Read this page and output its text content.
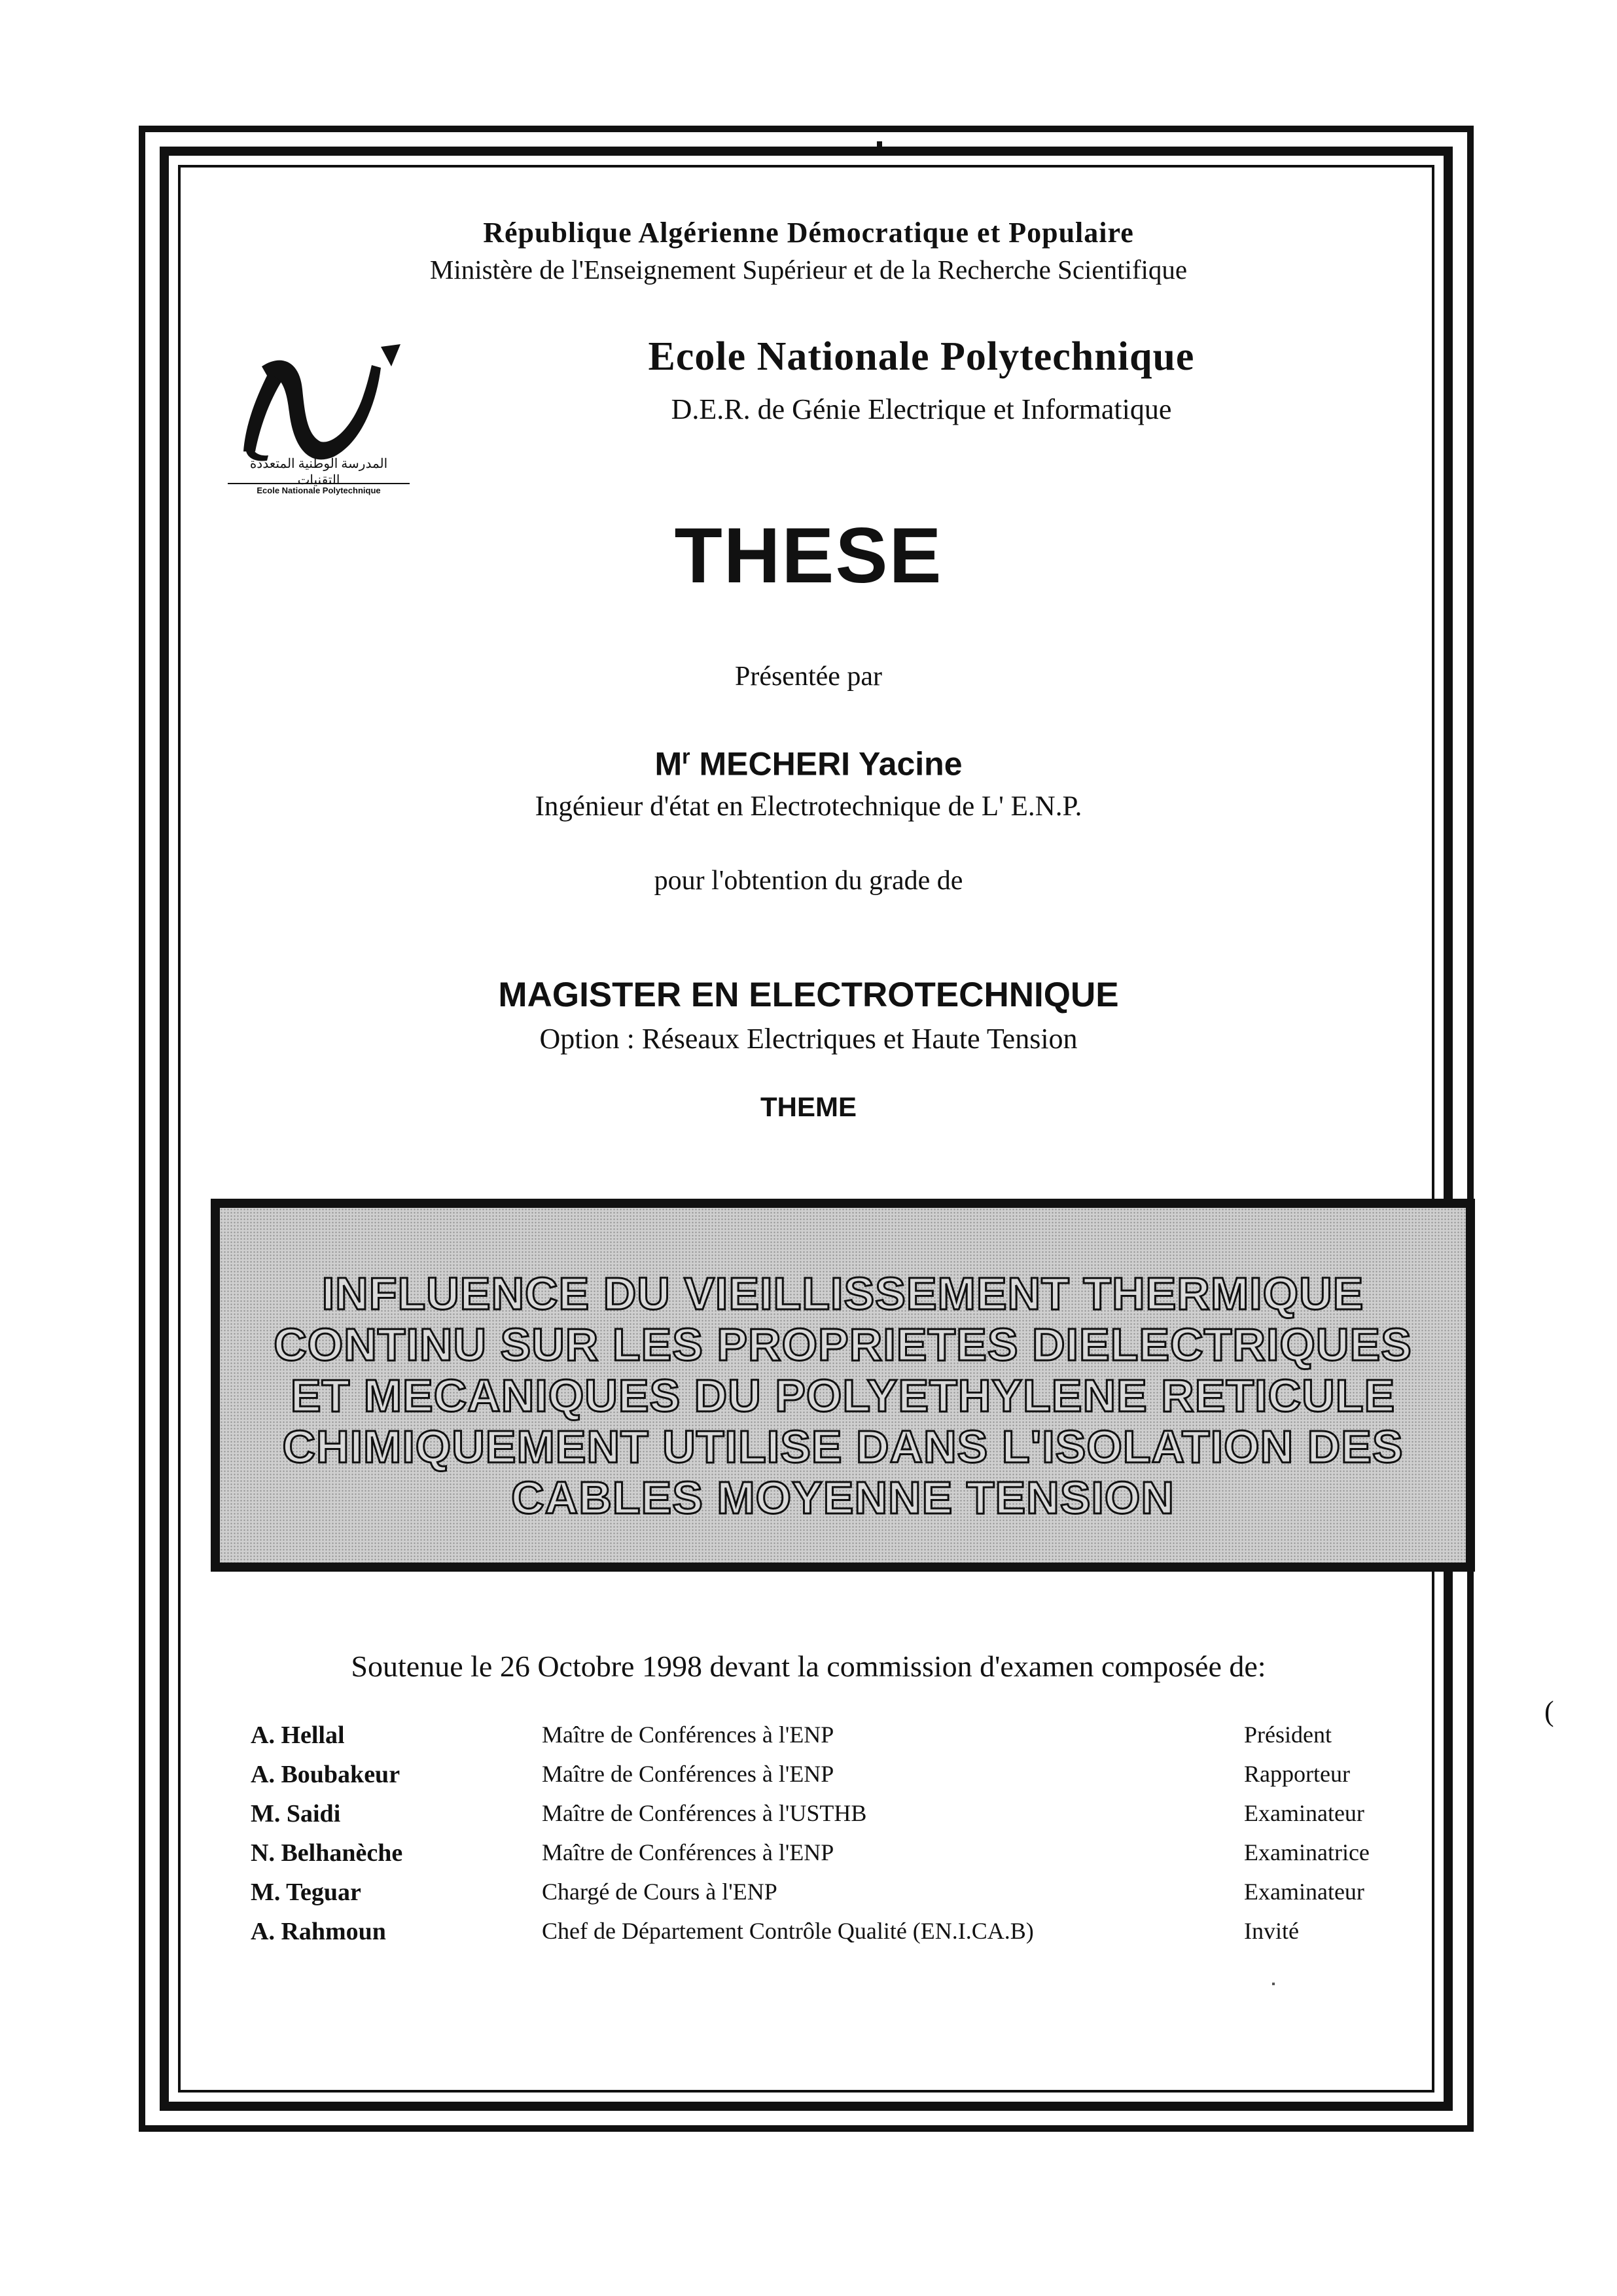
République Algérienne Démocratique et Populaire
Ministère de l'Enseignement Supérieur et de la Recherche Scientifique
المدرسة الوطنية المتعددة التقنيات
Ecole Nationale Polytechnique
Ecole Nationale Polytechnique
D.E.R. de Génie Electrique et Informatique
THESE
Présentée par
$M^r$ MECHERI Yacine
Ingénieur d'état en Electrotechnique de L' E.N.P.
pour l'obtention du grade de
MAGISTER EN ELECTROTECHNIQUE
Option : Réseaux Electriques et Haute Tension
THEME
INFLUENCE DU VIEILLISSEMENT THERMIQUE
CONTINU SUR LES PROPRIETES DIELECTRIQUES
ET MECANIQUES DU POLYETHYLENE RETICULE
CHIMIQUEMENT UTILISE DANS L'ISOLATION DES
CABLES MOYENNE TENSION
Soutenue le 26 Octobre 1998 devant la commission d'examen composée de:
(
A. Hellal	Maître de Conférences à l'ENP	Président
A. Boubakeur	Maître de Conférences à l'ENP	Rapporteur
M. Saidi	Maître de Conférences à l'USTHB	Examinateur
N. Belhanèche	Maître de Conférences à l'ENP	Examinatrice
M. Teguar	Chargé de Cours à l'ENP	Examinateur
A. Rahmoun	Chef de Département Contrôle Qualité (EN.I.CA.B)	Invité
